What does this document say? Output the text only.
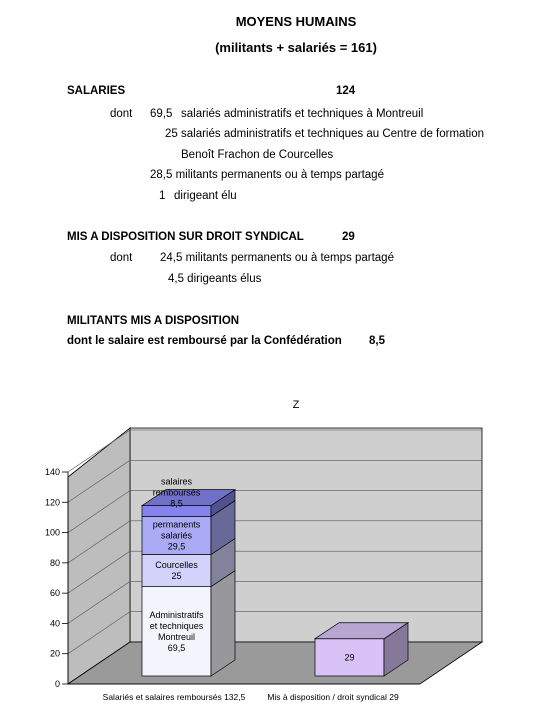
MOYENS HUMAINS
(militants + salariés = 161)
SALARIES	124
dont 69,5 salariés administratifs et techniques à Montreuil
25 salariés administratifs et techniques au Centre de formation
Benoît Frachon de Courcelles
28,5 militants permanents ou à temps partagé
1 dirigeant élu
MIS A DISPOSITION SUR DROIT SYNDICAL	29
dont 24,5 militants permanents ou à temps partagé
4,5 dirigeants élus
MILITANTS MIS A DISPOSITION
dont le salaire est remboursé par la Confédération 8,5
0
20
40
60
80
100
120
140
Administratifs
et techniques
Montreuil
69,5
Courcelles
25
permanents
salariés
29,5
salaires
remboursés
8,5
29
Z
Salariés et salaires remboursés 132,5	Mis à disposition / droit syndical 29
